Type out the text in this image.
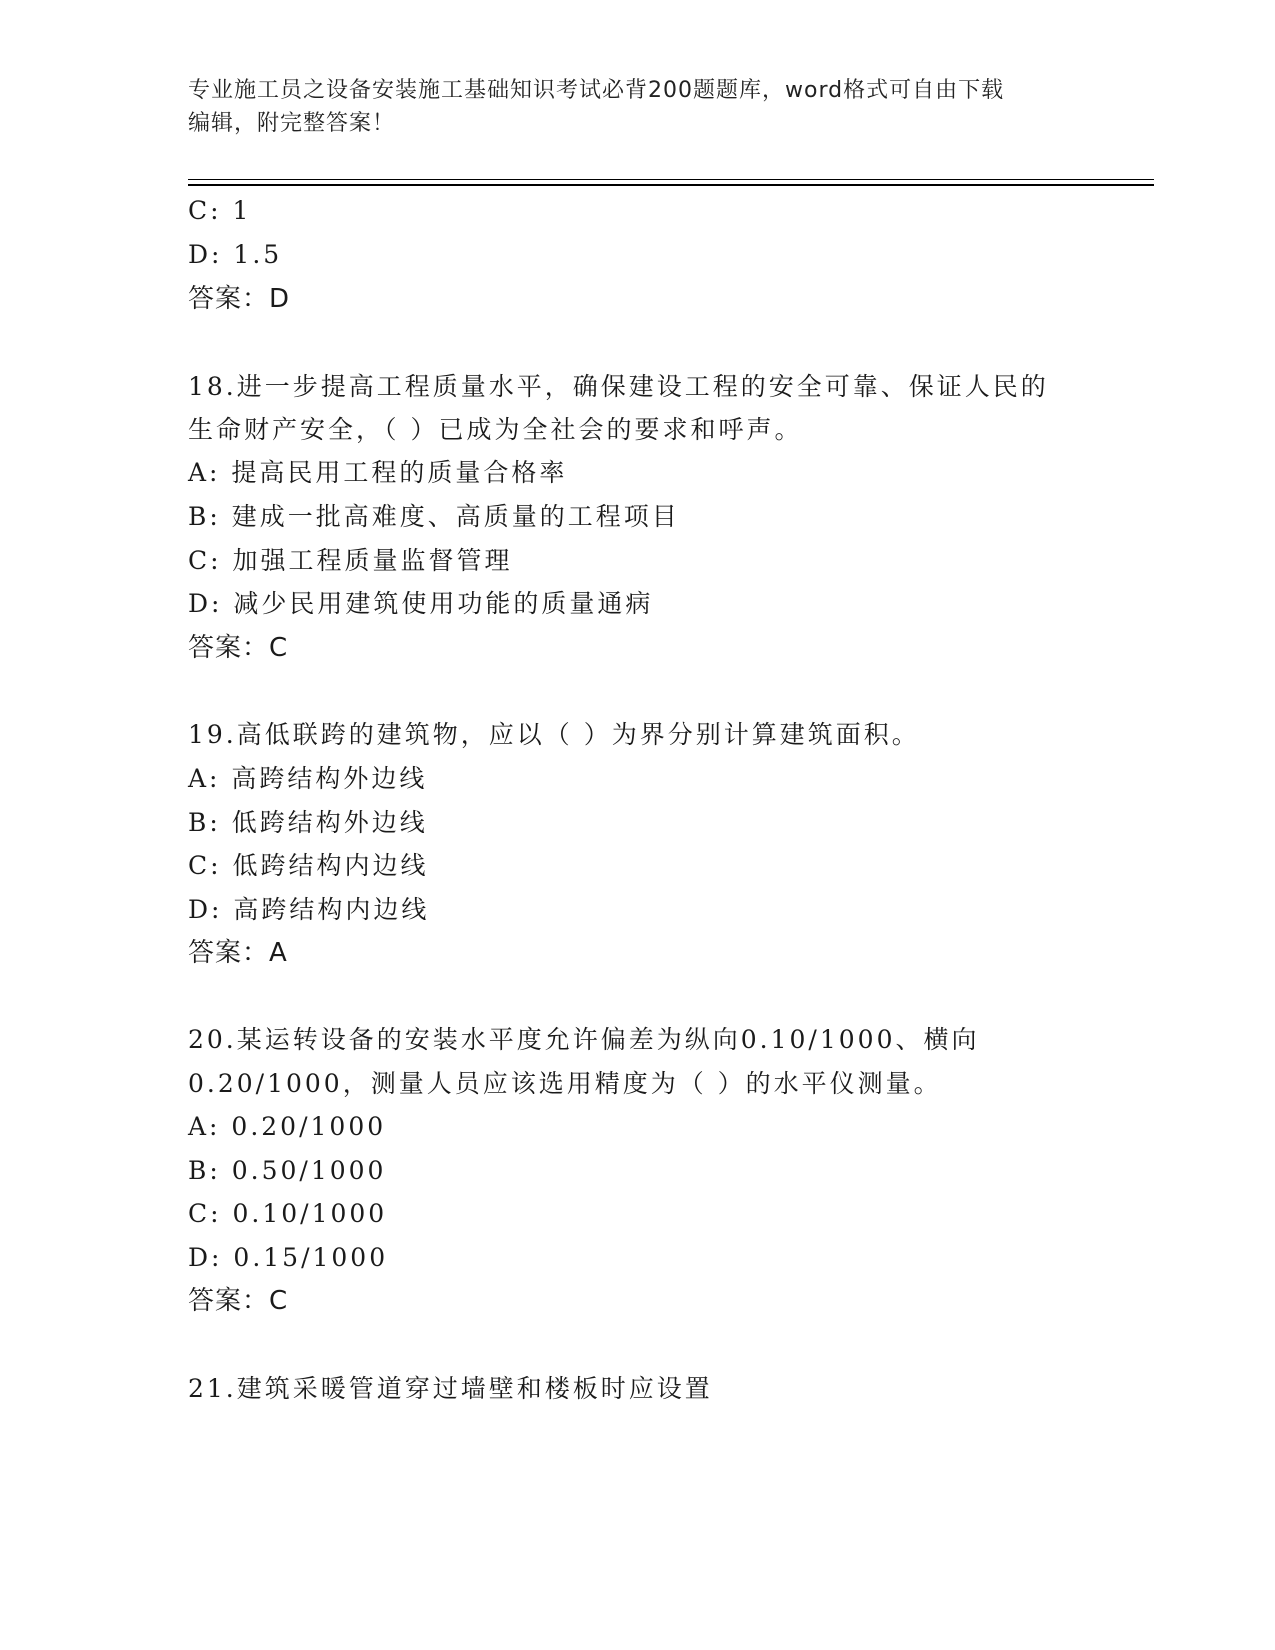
专业施工员之设备安装施工基础知识考试必背200题题库，word格式可自由下载
编辑，附完整答案！
C: 1
D: 1.5
答案：D
18.进一步提高工程质量水平，确保建设工程的安全可靠、保证人民的
生命财产安全，（ ）已成为全社会的要求和呼声。
A: 提高民用工程的质量合格率
B: 建成一批高难度、高质量的工程项目
C: 加强工程质量监督管理
D: 减少民用建筑使用功能的质量通病
答案：C
19.高低联跨的建筑物，应以（ ）为界分别计算建筑面积。
A: 高跨结构外边线
B: 低跨结构外边线
C: 低跨结构内边线
D: 高跨结构内边线
答案：A
20.某运转设备的安装水平度允许偏差为纵向0.10/1000、横向
0.20/1000，测量人员应该选用精度为（ ）的水平仪测量。
A: 0.20/1000
B: 0.50/1000
C: 0.10/1000
D: 0.15/1000
答案：C
21.建筑采暖管道穿过墙壁和楼板时应设置
